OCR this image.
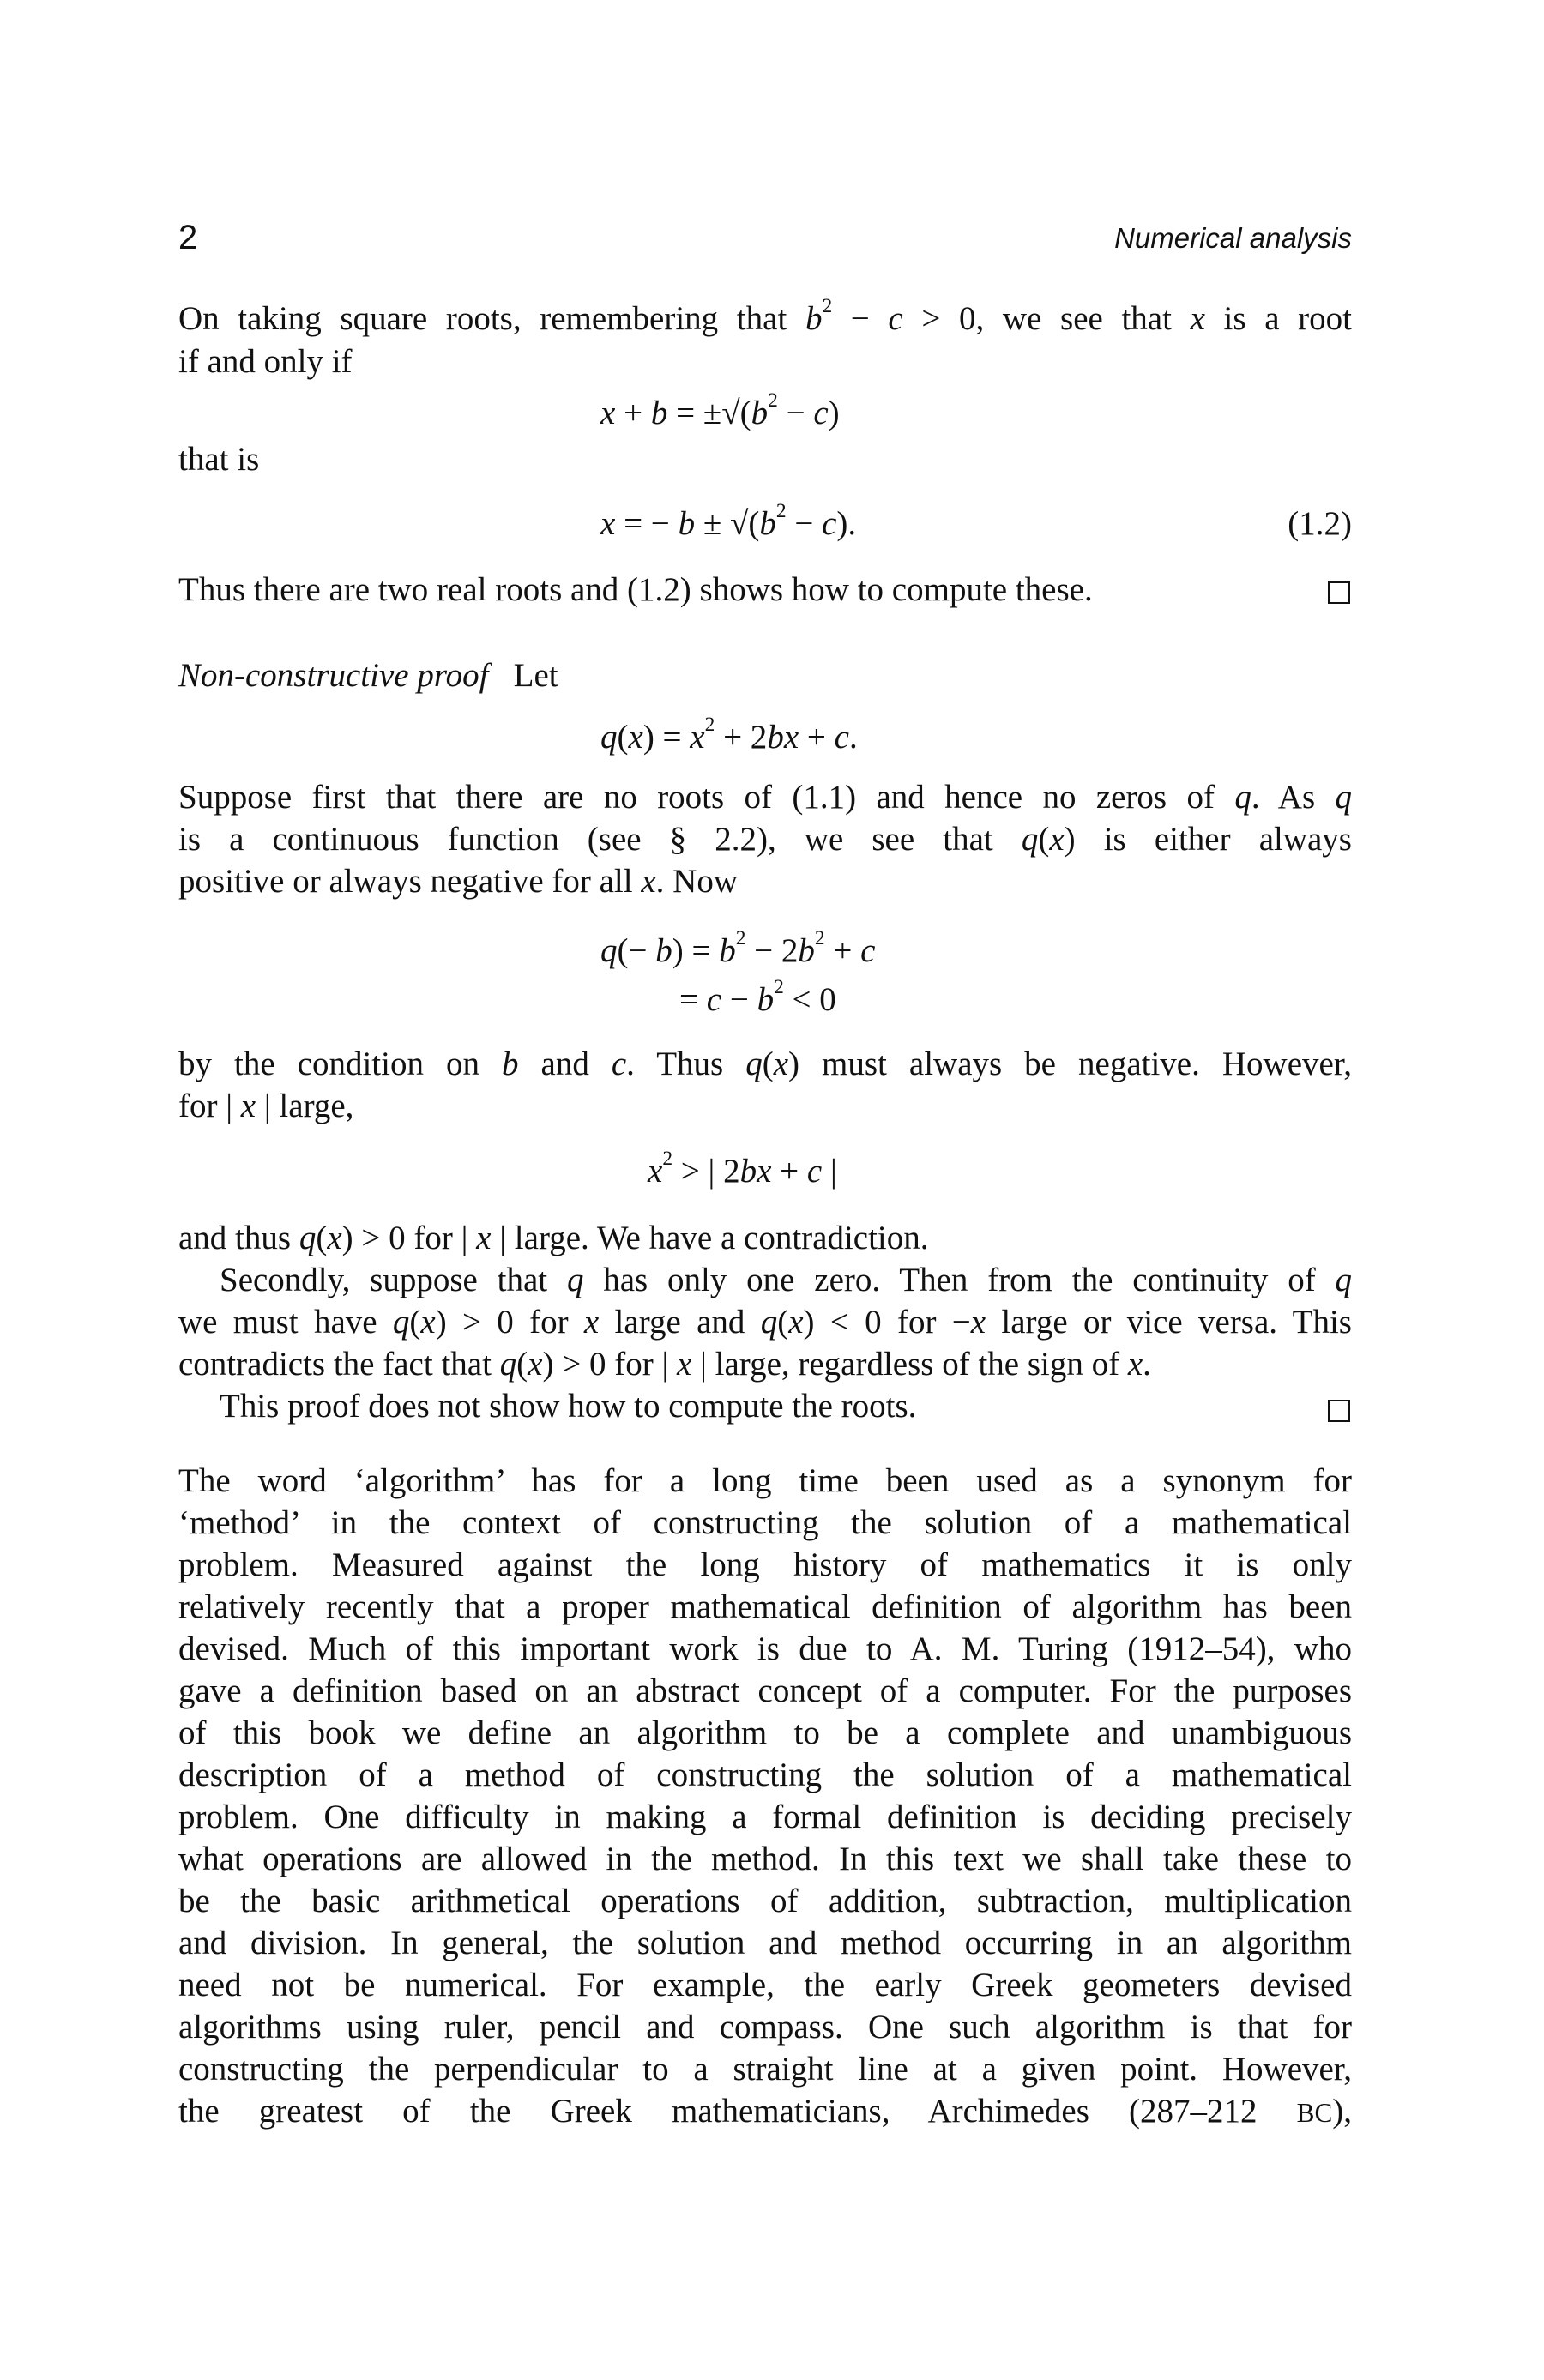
2	Numerical analysis
On taking square roots, remembering that $b^2 - c > 0$, we see that x is a root
if and only if
$x + b = \pm√(b^2 - c)$
that is
x = − $b \pm √(b^2 - c)$.	(1.2)
Thus there are two real roots and (1.2) shows how to compute these.
Non-constructive proof Let
$q(x) = x^2 + 2bx + c$.
Suppose first that there are no roots of (1.1) and hence no zeros of q. As q
is a continuous function (see § 2.2), we see that q(x) is either always
positive or always negative for all x. Now
$q(- b) = b^2 - 2b^2 + c$
= $c - b^2 < 0$
by the condition on b and c. Thus q(x) must always be negative. However,
for | x | large,
$x^2$ > | 2bx + c |
and thus q(x) > 0 for | x | large. We have a contradiction.
Secondly, suppose that q has only one zero. Then from the continuity of q
we must have q(x) > 0 for x large and q(x) < 0 for −x large or vice versa. This
contradicts the fact that q(x) > 0 for | x | large, regardless of the sign of x.
This proof does not show how to compute the roots.
The word ‘algorithm’ has for a long time been used as a synonym for
‘method’ in the context of constructing the solution of a mathematical
problem. Measured against the long history of mathematics it is only
relatively recently that a proper mathematical definition of algorithm has been
devised. Much of this important work is due to A. M. Turing (1912–54), who
gave a definition based on an abstract concept of a computer. For the purposes
of this book we define an algorithm to be a complete and unambiguous
description of a method of constructing the solution of a mathematical
problem. One difficulty in making a formal definition is deciding precisely
what operations are allowed in the method. In this text we shall take these to
be the basic arithmetical operations of addition, subtraction, multiplication
and division. In general, the solution and method occurring in an algorithm
need not be numerical. For example, the early Greek geometers devised
algorithms using ruler, pencil and compass. One such algorithm is that for
constructing the perpendicular to a straight line at a given point. However,
the greatest of the Greek mathematicians, Archimedes (287–212 BC),
